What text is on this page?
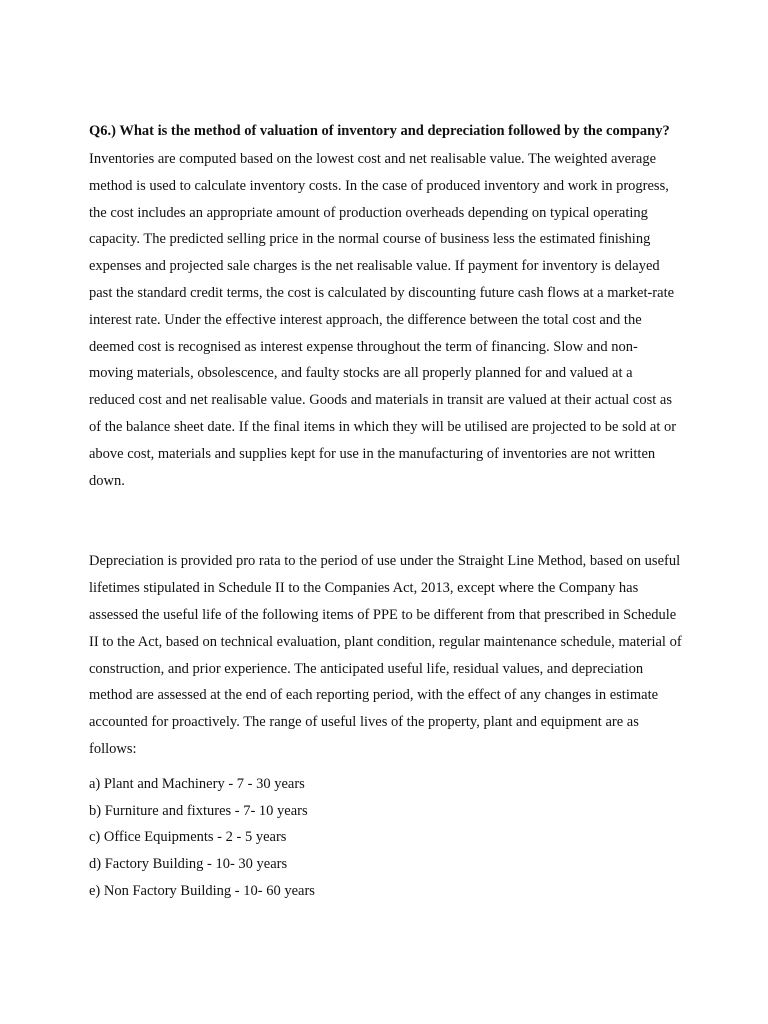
Q6.) What is the method of valuation of inventory and depreciation followed by the company?

Inventories are computed based on the lowest cost and net realisable value. The weighted average method is used to calculate inventory costs. In the case of produced inventory and work in progress, the cost includes an appropriate amount of production overheads depending on typical operating capacity. The predicted selling price in the normal course of business less the estimated finishing expenses and projected sale charges is the net realisable value. If payment for inventory is delayed past the standard credit terms, the cost is calculated by discounting future cash flows at a market-rate interest rate. Under the effective interest approach, the difference between the total cost and the deemed cost is recognised as interest expense throughout the term of financing. Slow and non-moving materials, obsolescence, and faulty stocks are all properly planned for and valued at a reduced cost and net realisable value. Goods and materials in transit are valued at their actual cost as of the balance sheet date. If the final items in which they will be utilised are projected to be sold at or above cost, materials and supplies kept for use in the manufacturing of inventories are not written down.

Depreciation is provided pro rata to the period of use under the Straight Line Method, based on useful lifetimes stipulated in Schedule II to the Companies Act, 2013, except where the Company has assessed the useful life of the following items of PPE to be different from that prescribed in Schedule II to the Act, based on technical evaluation, plant condition, regular maintenance schedule, material of construction, and prior experience. The anticipated useful life, residual values, and depreciation method are assessed at the end of each reporting period, with the effect of any changes in estimate accounted for proactively. The range of useful lives of the property, plant and equipment are as follows:

a) Plant and Machinery - 7 - 30 years
b) Furniture and fixtures - 7- 10 years
c) Office Equipments - 2 - 5 years
d) Factory Building - 10- 30 years
e) Non Factory Building - 10- 60 years
